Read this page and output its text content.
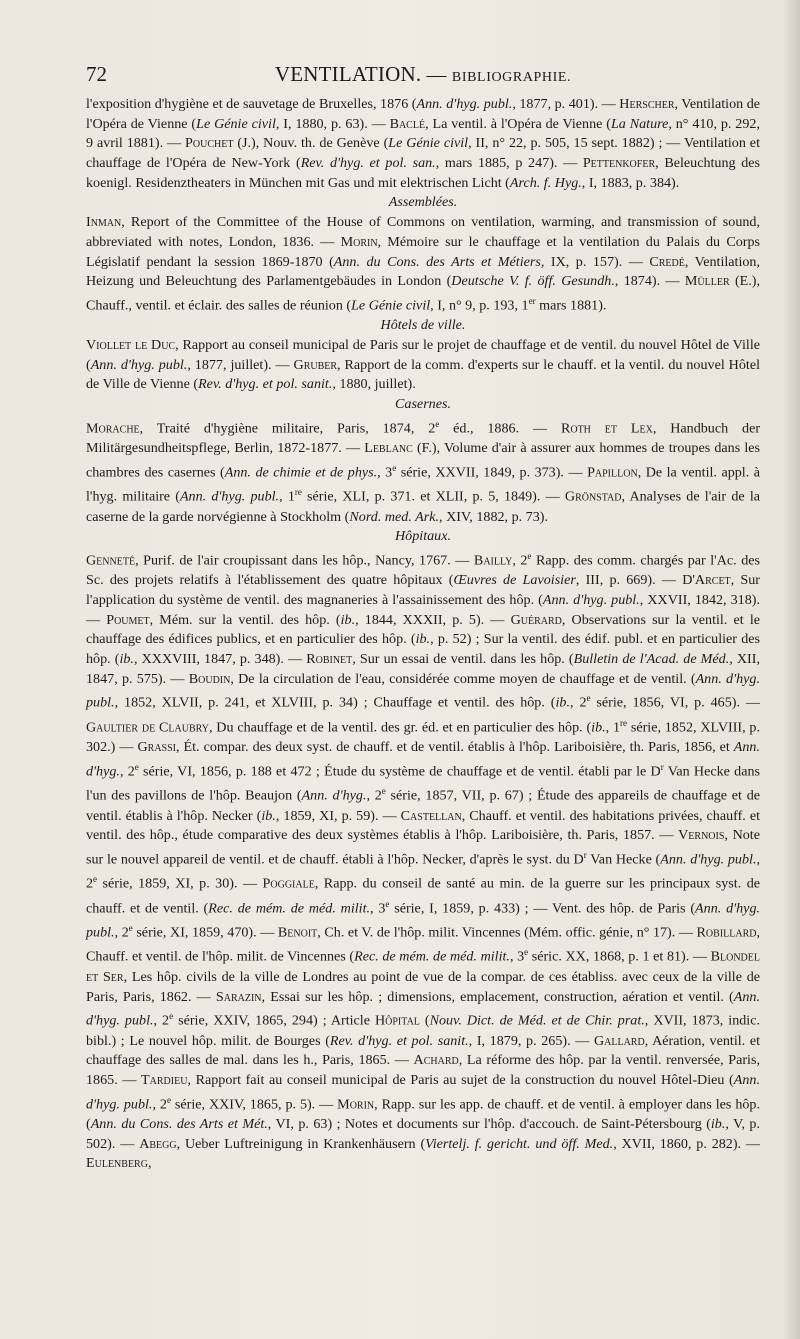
72	VENTILATION. — BIBLIOGRAPHIE.

l'exposition d'hygiène et de sauvetage de Bruxelles, 1876 (Ann. d'hyg. publ., 1877, p. 401). — Herscher, Ventilation de l'Opéra de Vienne (Le Génie civil, I, 1880, p. 63). — Baclé, La ventil. à l'Opéra de Vienne (La Nature, n° 410, p. 292, 9 avril 1881). — Pouchet (J.), Nouv. th. de Genève (Le Génie civil, II, n° 22, p. 505, 15 sept. 1882) ; — Ventilation et chauffage de l'Opéra de New-York (Rev. d'hyg. et pol. san., mars 1885, p 247). — Pettenkofer, Beleuchtung des koenigl. Residenztheaters in München mit Gas und mit elektrischen Licht (Arch. f. Hyg., I, 1883, p. 384).

Assemblées.

Inman, Report of the Committee of the House of Commons on ventilation, warming, and transmission of sound, abbreviated with notes, London, 1836. — Morin, Mémoire sur le chauffage et la ventilation du Palais du Corps Législatif pendant la session 1869-1870 (Ann. du Cons. des Arts et Métiers, IX, p. 157). — Credé, Ventilation, Heizung und Beleuchtung des Parlamentgebäudes in London (Deutsche V. f. öff. Gesundh., 1874). — Müller (E.), Chauff., ventil. et éclair. des salles de réunion (Le Génie civil, I, n° 9, p. 193, 1er mars 1881).

Hôtels de ville.

Viollet le Duc, Rapport au conseil municipal de Paris sur le projet de chauffage et de ventil. du nouvel Hôtel de Ville (Ann. d'hyg. publ., 1877, juillet). — Gruber, Rapport de la comm. d'experts sur le chauff. et la ventil. du nouvel Hôtel de Ville de Vienne (Rev. d'hyg. et pol. sanit., 1880, juillet).

Casernes.

Morache, Traité d'hygiène militaire, Paris, 1874, 2e éd., 1886. — Roth et Lex, Handbuch der Militärgesundheitspflege, Berlin, 1872-1877. — Leblanc (F.), Volume d'air à assurer aux hommes de troupes dans les chambres des casernes (Ann. de chimie et de phys., 3e série, XXVII, 1849, p. 373). — Papillon, De la ventil. appl. à l'hyg. militaire (Ann. d'hyg. publ., 1re série, XLI, p. 371. et XLII, p. 5, 1849). — Grönstad, Analyses de l'air de la caserne de la garde norvégienne à Stockholm (Nord. med. Ark., XIV, 1882, p. 73).

Hôpitaux.

Genneté, Purif. de l'air croupissant dans les hôp., Nancy, 1767. — Bailly, 2e Rapp. des comm. chargés par l'Ac. des Sc. des projets relatifs à l'établissement des quatre hôpitaux (Œuvres de Lavoisier, III, p. 669). — D'Arcet, Sur l'application du système de ventil. des magnaneries à l'assainissement des hôp. (Ann. d'hyg. publ., XXVII, 1842, 318). — Poumet, Mém. sur la ventil. des hôp. (ib., 1844, XXXII, p. 5). — Guérard, Observations sur la ventil. et le chauffage des édifices publics, et en particulier des hôp. (ib., p. 52) ; Sur la ventil. des édif. publ. et en particulier des hôp. (ib., XXXVIII, 1847, p. 348). — Robinet, Sur un essai de ventil. dans les hôp. (Bulletin de l'Acad. de Méd., XII, 1847, p. 575). — Boudin, De la circulation de l'eau, considérée comme moyen de chauffage et de ventil. (Ann. d'hyg. publ., 1852, XLVII, p. 241, et XLVIII, p. 34) ; Chauffage et ventil. des hôp. (ib., 2e série, 1856, VI, p. 465). — Gaultier de Claubry, Du chauffage et de la ventil. des gr. éd. et en particulier des hôp. (ib., 1re série, 1852, XLVIII, p. 302.) — Grassi, Ét. compar. des deux syst. de chauff. et de ventil. établis à l'hôp. Lariboisière, th. Paris, 1856, et Ann. d'hyg., 2e série, VI, 1856, p. 188 et 472 ; Étude du système de chauffage et de ventil. établi par le $D^r$ Van Hecke dans l'un des pavillons de l'hôp. Beaujon (Ann. d'hyg., 2e série, 1857, VII, p. 67) ; Étude des appareils de chauffage et de ventil. établis à l'hôp. Necker (ib., 1859, XI, p. 59). — Castellan, Chauff. et ventil. des habitations privées, chauff. et ventil. des hôp., étude comparative des deux systèmes établis à l'hôp. Lariboisière, th. Paris, 1857. — Vernois, Note sur le nouvel appareil de ventil. et de chauff. établi à l'hôp. Necker, d'après le syst. du $D^r$ Van Hecke (Ann. d'hyg. publ., 2e série, 1859, XI, p. 30). — Poggiale, Rapp. du conseil de santé au min. de la guerre sur les principaux syst. de chauff. et de ventil. (Rec. de mém. de méd. milit., 3e série, I, 1859, p. 433) ; — Vent. des hôp. de Paris (Ann. d'hyg. publ., 2e série, XI, 1859, 470). — Benoit, Ch. et V. de l'hôp. milit. Vincennes (Mém. offic. génie, n° 17). — Robillard, Chauff. et ventil. de l'hôp. milit. de Vincennes (Rec. de mém. de méd. milit., 3e séric. XX, 1868, p. 1 et 81). — Blondel et Ser, Les hôp. civils de la ville de Londres au point de vue de la compar. de ces établiss. avec ceux de la ville de Paris, Paris, 1862. — Sarazin, Essai sur les hôp. ; dimensions, emplacement, construction, aération et ventil. (Ann. d'hyg. publ., 2e série, XXIV, 1865, 294) ; Article Hôpital (Nouv. Dict. de Méd. et de Chir. prat., XVII, 1873, indic. bibl.) ; Le nouvel hôp. milit. de Bourges (Rev. d'hyg. et pol. sanit., I, 1879, p. 265). — Gallard, Aération, ventil. et chauffage des salles de mal. dans les h., Paris, 1865. — Achard, La réforme des hôp. par la ventil. renversée, Paris, 1865. — Tardieu, Rapport fait au conseil municipal de Paris au sujet de la construction du nouvel Hôtel-Dieu (Ann. d'hyg. publ., 2e série, XXIV, 1865, p. 5). — Morin, Rapp. sur les app. de chauff. et de ventil. à employer dans les hôp. (Ann. du Cons. des Arts et Mét., VI, p. 63) ; Notes et documents sur l'hôp. d'accouch. de Saint-Pétersbourg (ib., V, p. 502). — Abegg, Ueber Luftreinigung in Krankenhäusern (Viertelj. f. gericht. und öff. Med., XVII, 1860, p. 282). — Eulenberg,
